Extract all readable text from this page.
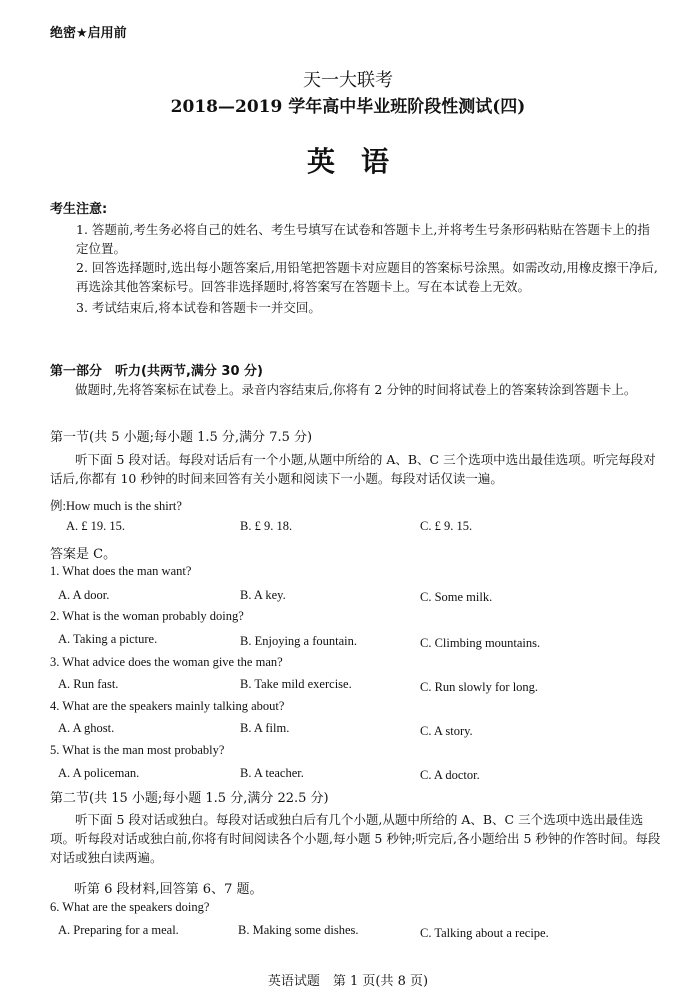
绝密★启用前
天一大联考
2018—2019 学年高中毕业班阶段性测试(四)
英语
考生注意:
1. 答题前,考生务必将自己的姓名、考生号填写在试卷和答题卡上,并将考生号条形码粘贴在答题卡上的指定位置。
2. 回答选择题时,选出每小题答案后,用铅笔把答题卡对应题目的答案标号涂黑。如需改动,用橡皮擦干净后,再选涂其他答案标号。回答非选择题时,将答案写在答题卡上。写在本试卷上无效。
3. 考试结束后,将本试卷和答题卡一并交回。
第一部分　听力(共两节,满分 30 分)
做题时,先将答案标在试卷上。录音内容结束后,你将有 2 分钟的时间将试卷上的答案转涂到答题卡上。
第一节(共 5 小题;每小题 1.5 分,满分 7.5 分)
听下面 5 段对话。每段对话后有一个小题,从题中所给的 A、B、C 三个选项中选出最佳选项。听完每段对话后,你都有 10 秒钟的时间来回答有关小题和阅读下一小题。每段对话仅读一遍。
例:How much is the shirt?
A. £ 19. 15.	B. £ 9. 18.	C. £ 9. 15.
答案是 C。
1. What does the man want?
A. A door.	B. A key.	C. Some milk.
2. What is the woman probably doing?
A. Taking a picture.	B. Enjoying a fountain.	C. Climbing mountains.
3. What advice does the woman give the man?
A. Run fast.	B. Take mild exercise.	C. Run slowly for long.
4. What are the speakers mainly talking about?
A. A ghost.	B. A film.	C. A story.
5. What is the man most probably?
A. A policeman.	B. A teacher.	C. A doctor.
第二节(共 15 小题;每小题 1.5 分,满分 22.5 分)
听下面 5 段对话或独白。每段对话或独白后有几个小题,从题中所给的 A、B、C 三个选项中选出最佳选项。听每段对话或独白前,你将有时间阅读各个小题,每小题 5 秒钟;听完后,各小题给出 5 秒钟的作答时间。每段对话或独白读两遍。
听第 6 段材料,回答第 6、7 题。
6. What are the speakers doing?
A. Preparing for a meal.	B. Making some dishes.	C. Talking about a recipe.
英语试题　第 1 页(共 8 页)
